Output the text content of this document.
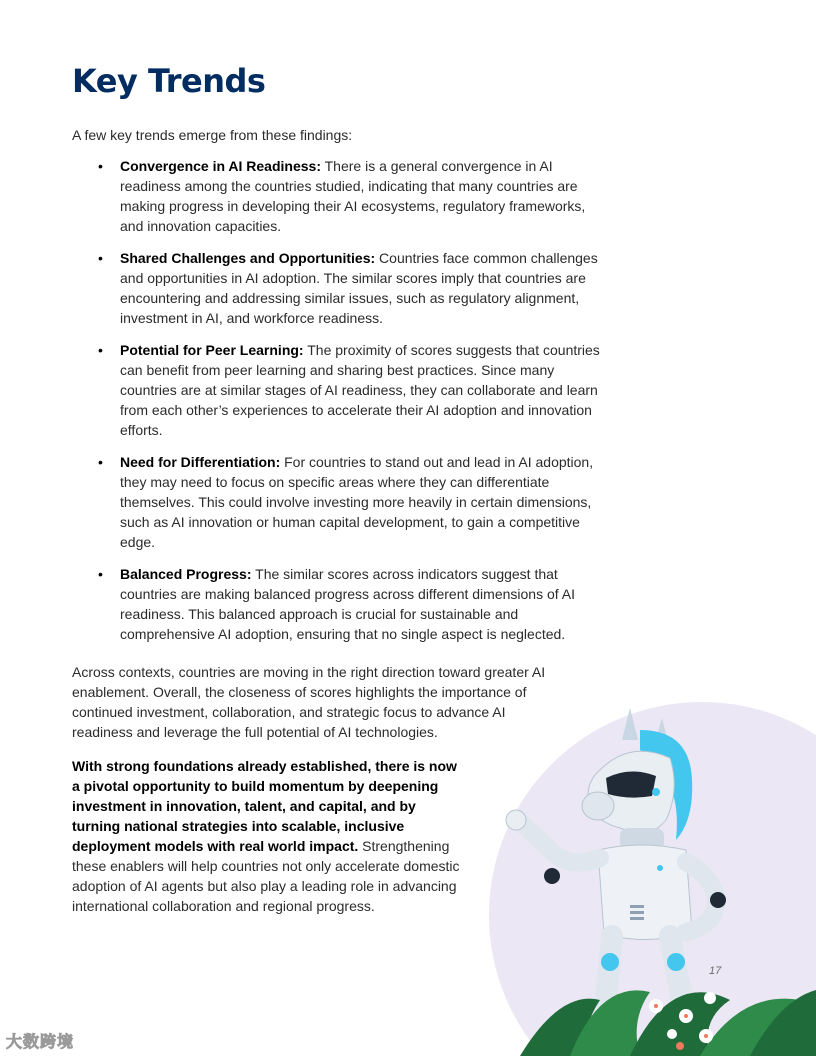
Key Trends

A few key trends emerge from these findings:

• Convergence in AI Readiness: There is a general convergence in AI readiness among the countries studied, indicating that many countries are making progress in developing their AI ecosystems, regulatory frameworks, and innovation capacities.
• Shared Challenges and Opportunities: Countries face common challenges and opportunities in AI adoption. The similar scores imply that countries are encountering and addressing similar issues, such as regulatory alignment, investment in AI, and workforce readiness.
• Potential for Peer Learning: The proximity of scores suggests that countries can benefit from peer learning and sharing best practices. Since many countries are at similar stages of AI readiness, they can collaborate and learn from each other’s experiences to accelerate their AI adoption and innovation efforts.
• Need for Differentiation: For countries to stand out and lead in AI adoption, they may need to focus on specific areas where they can differentiate themselves. This could involve investing more heavily in certain dimensions, such as AI innovation or human capital development, to gain a competitive edge.
• Balanced Progress: The similar scores across indicators suggest that countries are making balanced progress across different dimensions of AI readiness. This balanced approach is crucial for sustainable and comprehensive AI adoption, ensuring that no single aspect is neglected.

Across contexts, countries are moving in the right direction toward greater AI enablement. Overall, the closeness of scores highlights the importance of continued investment, collaboration, and strategic focus to advance AI readiness and leverage the full potential of AI technologies.

With strong foundations already established, there is now a pivotal opportunity to build momentum by deepening investment in innovation, talent, and capital, and by turning national strategies into scalable, inclusive deployment models with real world impact. Strengthening these enablers will help countries not only accelerate domestic adoption of AI agents but also play a leading role in advancing international collaboration and regional progress.

17
大数跨境
